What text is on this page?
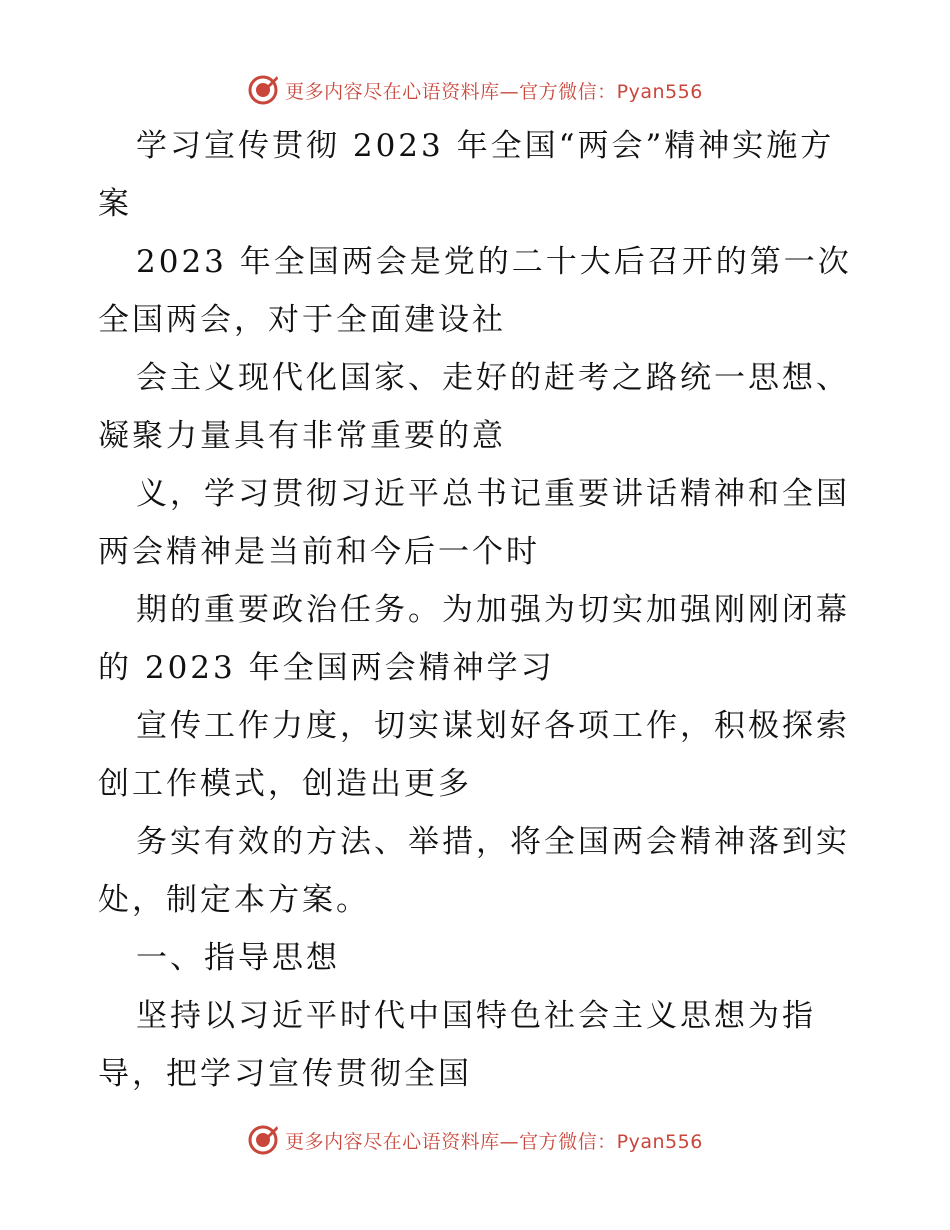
更多内容尽在心语资料库—官方微信：Pyan556
学习宣传贯彻 2023 年全国“两会”精神实施方
案
2023 年全国两会是党的二十大后召开的第一次
全国两会，对于全面建设社
会主义现代化国家、走好的赶考之路统一思想、
凝聚力量具有非常重要的意
义，学习贯彻习近平总书记重要讲话精神和全国
两会精神是当前和今后一个时
期的重要政治任务。为加强为切实加强刚刚闭幕
的 2023 年全国两会精神学习
宣传工作力度，切实谋划好各项工作，积极探索
创工作模式，创造出更多
务实有效的方法、举措，将全国两会精神落到实
处，制定本方案。
一、指导思想
坚持以习近平时代中国特色社会主义思想为指
导，把学习宣传贯彻全国
更多内容尽在心语资料库—官方微信：Pyan556
